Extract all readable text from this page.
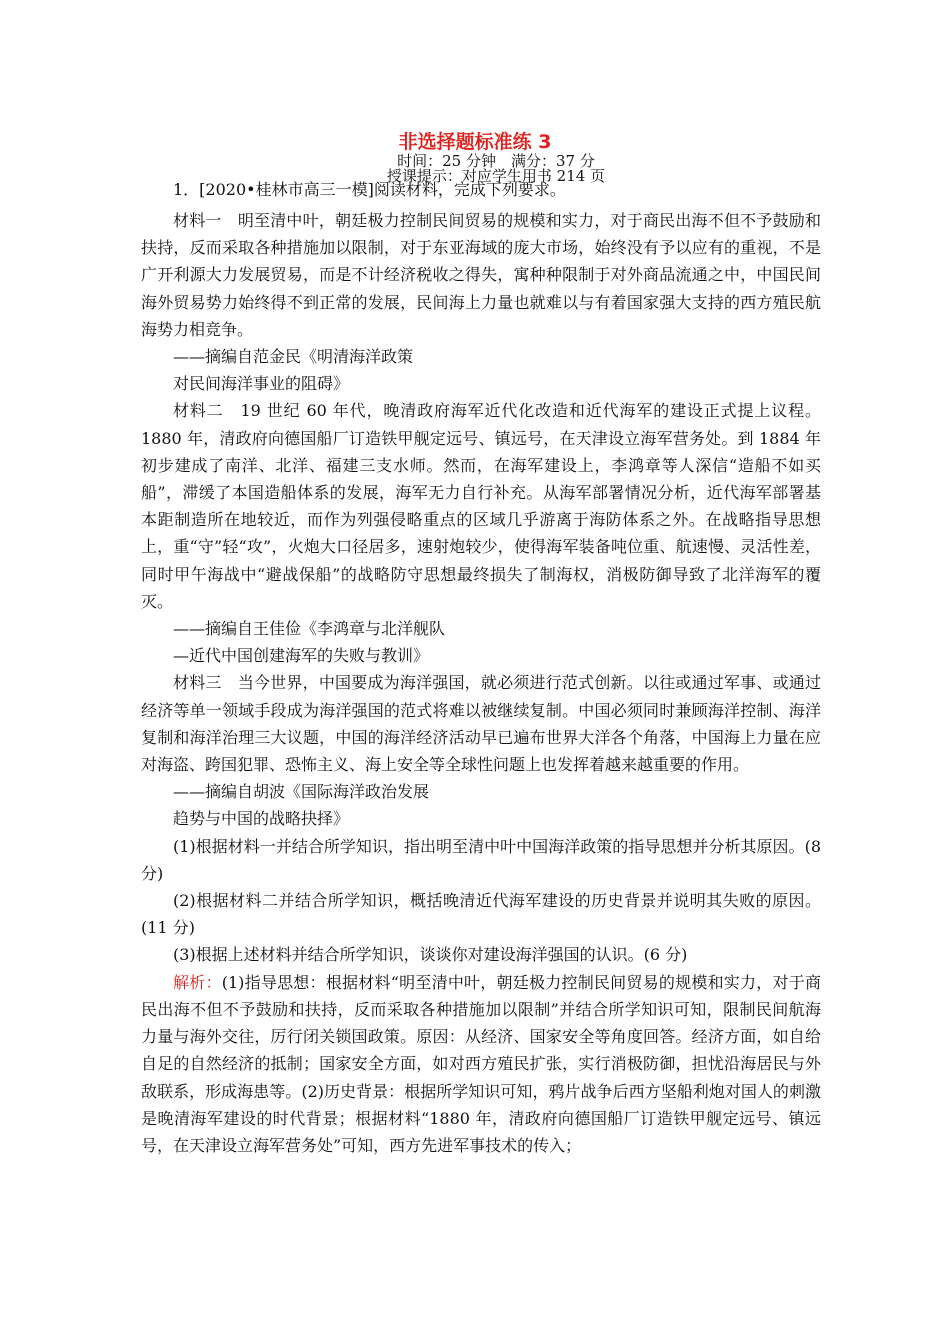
非选择题标准练 3
时间：25 分钟　满分：37 分
授课提示：对应学生用书 214 页

1．[2020•桂林市高三一模]阅读材料，完成下列要求。

材料一　明至清中叶，朝廷极力控制民间贸易的规模和实力，对于商民出海不但不予鼓励和扶持，反而采取各种措施加以限制，对于东亚海域的庞大市场，始终没有予以应有的重视，不是广开利源大力发展贸易，而是不计经济税收之得失，寓种种限制于对外商品流通之中，中国民间海外贸易势力始终得不到正常的发展，民间海上力量也就难以与有着国家强大支持的西方殖民航海势力相竞争。

——摘编自范金民《明清海洋政策

对民间海洋事业的阻碍》

材料二　19 世纪 60 年代，晚清政府海军近代化改造和近代海军的建设正式提上议程。1880 年，清政府向德国船厂订造铁甲舰定远号、镇远号，在天津设立海军营务处。到 1884 年初步建成了南洋、北洋、福建三支水师。然而，在海军建设上，李鸿章等人深信“造船不如买船”，滞缓了本国造船体系的发展，海军无力自行补充。从海军部署情况分析，近代海军部署基本距制造所在地较近，而作为列强侵略重点的区域几乎游离于海防体系之外。在战略指导思想上，重“守”轻“攻”，火炮大口径居多，速射炮较少，使得海军装备吨位重、航速慢、灵活性差，同时甲午海战中“避战保船”的战略防守思想最终损失了制海权，消极防御导致了北洋海军的覆灭。

——摘编自王佳俭《李鸿章与北洋舰队

—近代中国创建海军的失败与教训》

材料三　当今世界，中国要成为海洋强国，就必须进行范式创新。以往或通过军事、或通过经济等单一领域手段成为海洋强国的范式将难以被继续复制。中国必须同时兼顾海洋控制、海洋复制和海洋治理三大议题，中国的海洋经济活动早已遍布世界大洋各个角落，中国海上力量在应对海盗、跨国犯罪、恐怖主义、海上安全等全球性问题上也发挥着越来越重要的作用。

——摘编自胡波《国际海洋政治发展

趋势与中国的战略抉择》

(1)根据材料一并结合所学知识，指出明至清中叶中国海洋政策的指导思想并分析其原因。(8 分)

(2)根据材料二并结合所学知识，概括晚清近代海军建设的历史背景并说明其失败的原因。(11 分)

(3)根据上述材料并结合所学知识，谈谈你对建设海洋强国的认识。(6 分)

解析：(1)指导思想：根据材料“明至清中叶，朝廷极力控制民间贸易的规模和实力，对于商民出海不但不予鼓励和扶持，反而采取各种措施加以限制”并结合所学知识可知，限制民间航海力量与海外交往，厉行闭关锁国政策。原因：从经济、国家安全等角度回答。经济方面，如自给自足的自然经济的抵制；国家安全方面，如对西方殖民扩张，实行消极防御，担忧沿海居民与外敌联系，形成海患等。(2)历史背景：根据所学知识可知，鸦片战争后西方坚船利炮对国人的刺激是晚清海军建设的时代背景；根据材料“1880 年，清政府向德国船厂订造铁甲舰定远号、镇远号，在天津设立海军营务处”可知，西方先进军事技术的传入；
